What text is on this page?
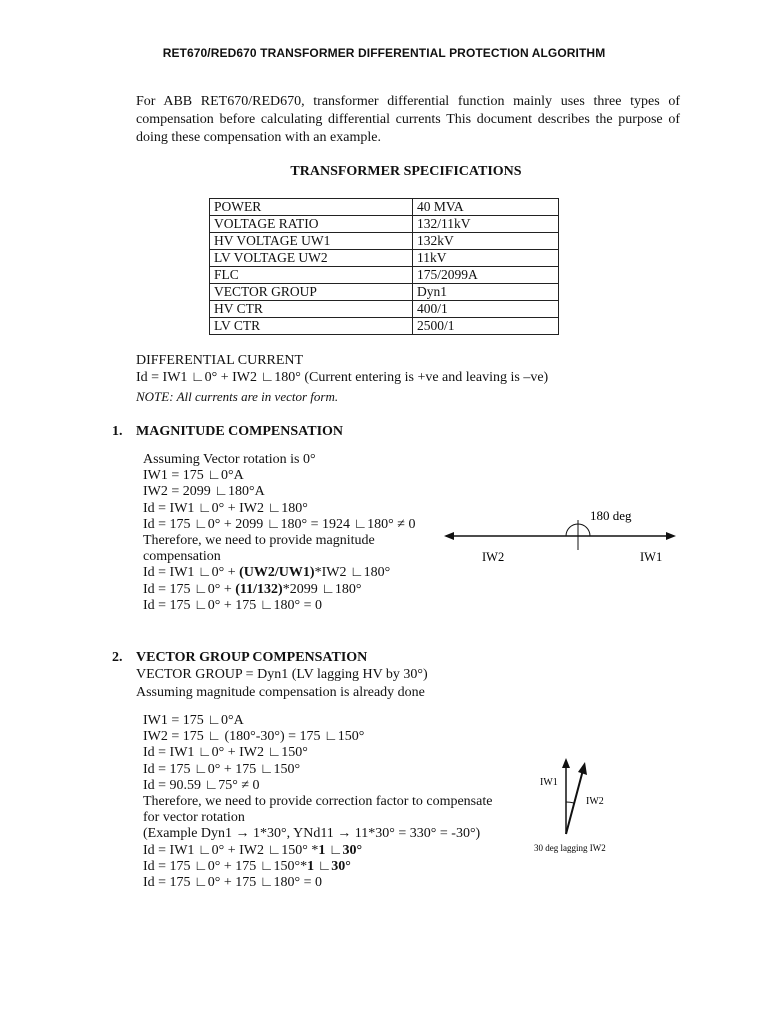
RET670/RED670 TRANSFORMER DIFFERENTIAL PROTECTION ALGORITHM
For ABB RET670/RED670, transformer differential function mainly uses three types of compensation before calculating differential currents This document describes the purpose of doing these compensation with an example.
TRANSFORMER SPECIFICATIONS
POWER	40 MVA
VOLTAGE RATIO	132/11kV
HV VOLTAGE UW1	132kV
LV VOLTAGE UW2	11kV
FLC	175/2099A
VECTOR GROUP	Dyn1
HV CTR	400/1
LV CTR	2500/1
DIFFERENTIAL CURRENT
Id = IW1 ∟0° + IW2 ∟180° (Current entering is +ve and leaving is –ve)
NOTE: All currents are in vector form.
1. MAGNITUDE COMPENSATION
Assuming Vector rotation is 0°
IW1 = 175 ∟0°A
IW2 = 2099 ∟180°A
Id = IW1 ∟0° + IW2 ∟180°
Id = 175 ∟0° + 2099 ∟180° = 1924 ∟180° ≠ 0
Therefore, we need to provide magnitude
compensation
Id = IW1 ∟0° + (UW2/UW1)*IW2 ∟180°
Id = 175 ∟0° + (11/132)*2099 ∟180°
Id = 175 ∟0° + 175 ∟180° = 0
180 deg
IW2	IW1
2. VECTOR GROUP COMPENSATION
VECTOR GROUP = Dyn1 (LV lagging HV by 30°)
Assuming magnitude compensation is already done
IW1 = 175 ∟0°A
IW2 = 175 ∟ (180°-30°) = 175 ∟150°
Id = IW1 ∟0° + IW2 ∟150°
Id = 175 ∟0° + 175 ∟150°
Id = 90.59 ∟75° ≠ 0
Therefore, we need to provide correction factor to compensate
for vector rotation
(Example Dyn1 → 1*30°, YNd11 → 11*30° = 330° = -30°)
Id = IW1 ∟0° + IW2 ∟150° *1 ∟30°
Id = 175 ∟0° + 175 ∟150°*1 ∟30°
Id = 175 ∟0° + 175 ∟180° = 0
IW1
IW2
30 deg lagging IW2
